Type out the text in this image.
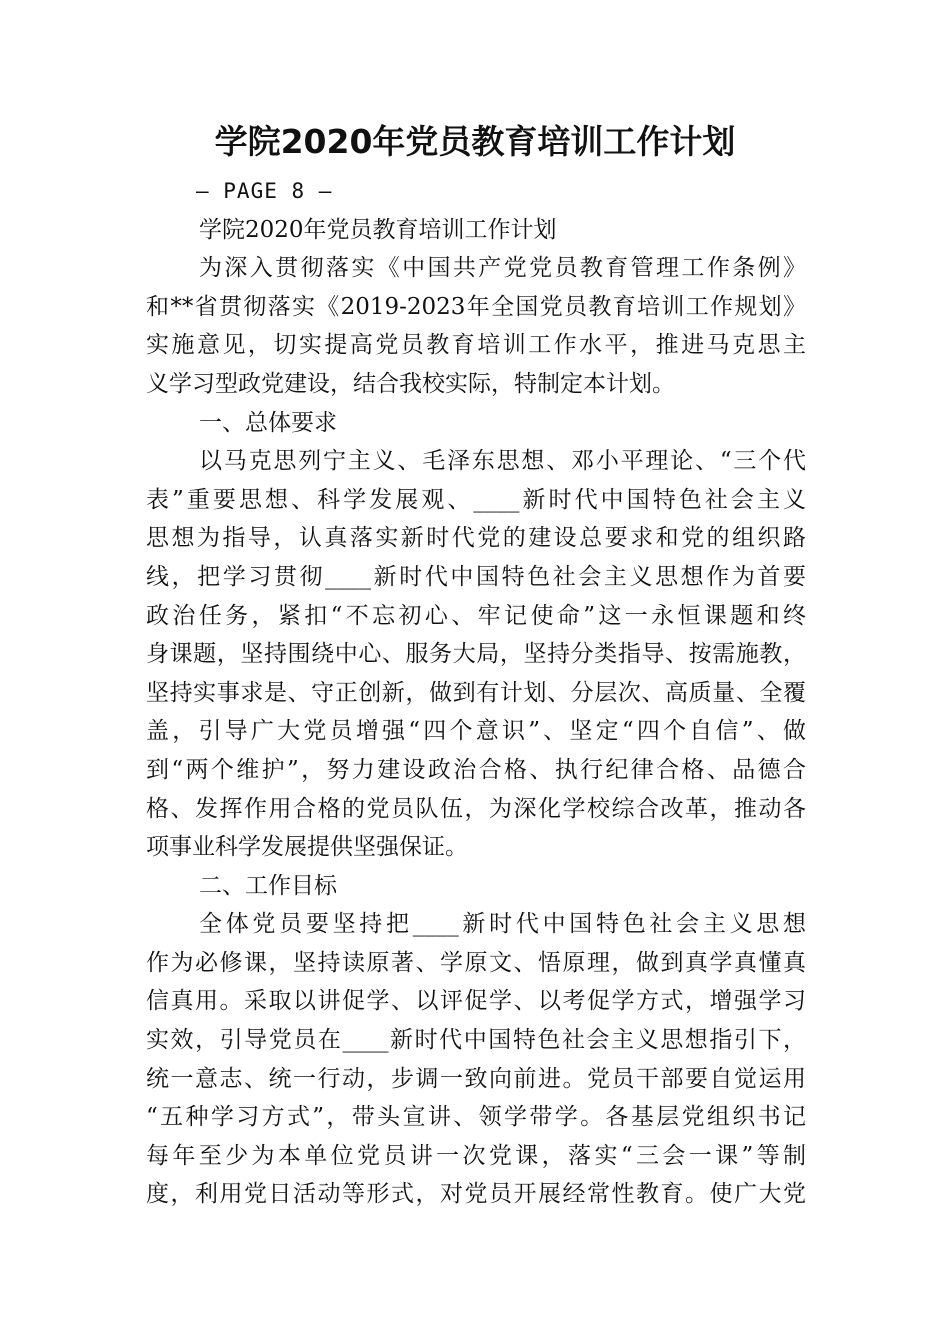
学院2020年党员教育培训工作计划
— PAGE 8 —
学院2020年党员教育培训工作计划
为深入贯彻落实《中国共产党党员教育管理工作条例》
和**省贯彻落实《2019-2023年全国党员教育培训工作规划》
实施意见，切实提高党员教育培训工作水平，推进马克思主
义学习型政党建设，结合我校实际，特制定本计划。
一、总体要求
以马克思列宁主义、毛泽东思想、邓小平理论、“三个代
表”重要思想、科学发展观、____新时代中国特色社会主义
思想为指导，认真落实新时代党的建设总要求和党的组织路
线，把学习贯彻____新时代中国特色社会主义思想作为首要
政治任务，紧扣“不忘初心、牢记使命”这一永恒课题和终
身课题，坚持围绕中心、服务大局，坚持分类指导、按需施教，
坚持实事求是、守正创新，做到有计划、分层次、高质量、全覆
盖，引导广大党员增强“四个意识”、坚定“四个自信”、做
到“两个维护”，努力建设政治合格、执行纪律合格、品德合
格、发挥作用合格的党员队伍，为深化学校综合改革，推动各
项事业科学发展提供坚强保证。
二、工作目标
全体党员要坚持把____新时代中国特色社会主义思想
作为必修课，坚持读原著、学原文、悟原理，做到真学真懂真
信真用。采取以讲促学、以评促学、以考促学方式，增强学习
实效，引导党员在____新时代中国特色社会主义思想指引下，
统一意志、统一行动，步调一致向前进。党员干部要自觉运用
“五种学习方式”，带头宣讲、领学带学。各基层党组织书记
每年至少为本单位党员讲一次党课，落实“三会一课”等制
度，利用党日活动等形式，对党员开展经常性教育。使广大党
